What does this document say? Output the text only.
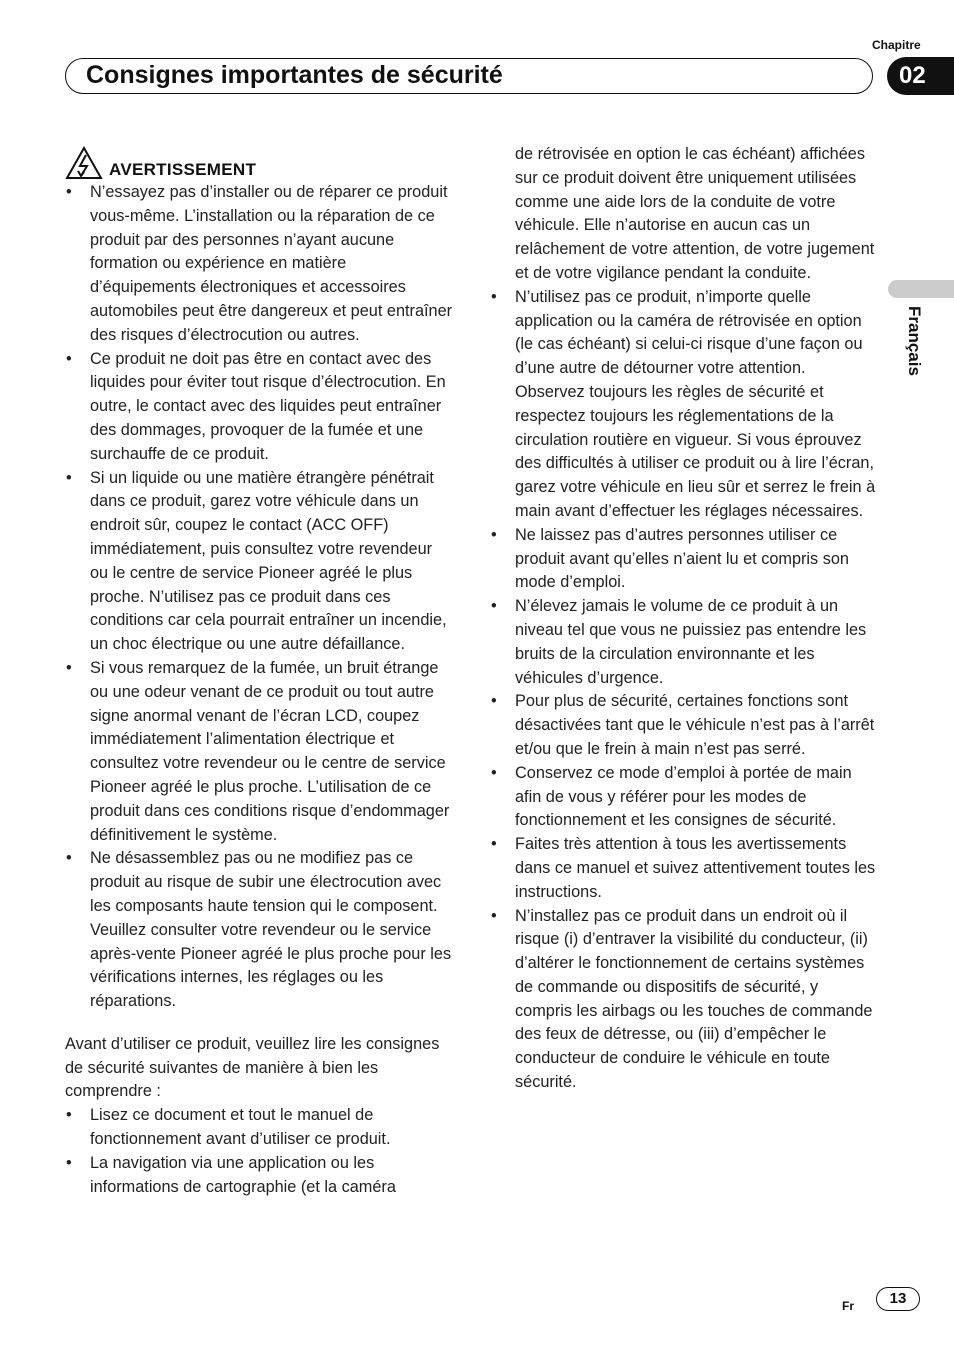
Chapitre
Consignes importantes de sécurité	02
Français
AVERTISSEMENT
• N’essayez pas d’installer ou de réparer ce produit vous-même. L’installation ou la réparation de ce produit par des personnes n’ayant aucune formation ou expérience en matière d’équipements électroniques et accessoires automobiles peut être dangereux et peut entraîner des risques d’électrocution ou autres.
• Ce produit ne doit pas être en contact avec des liquides pour éviter tout risque d’électrocution. En outre, le contact avec des liquides peut entraîner des dommages, provoquer de la fumée et une surchauffe de ce produit.
• Si un liquide ou une matière étrangère pénétrait dans ce produit, garez votre véhicule dans un endroit sûr, coupez le contact (ACC OFF) immédiatement, puis consultez votre revendeur ou le centre de service Pioneer agréé le plus proche. N’utilisez pas ce produit dans ces conditions car cela pourrait entraîner un incendie, un choc électrique ou une autre défaillance.
• Si vous remarquez de la fumée, un bruit étrange ou une odeur venant de ce produit ou tout autre signe anormal venant de l’écran LCD, coupez immédiatement l’alimentation électrique et consultez votre revendeur ou le centre de service Pioneer agréé le plus proche. L’utilisation de ce produit dans ces conditions risque d’endommager définitivement le système.
• Ne désassemblez pas ou ne modifiez pas ce produit au risque de subir une électrocution avec les composants haute tension qui le composent. Veuillez consulter votre revendeur ou le service après-vente Pioneer agréé le plus proche pour les vérifications internes, les réglages ou les réparations.

Avant d’utiliser ce produit, veuillez lire les consignes de sécurité suivantes de manière à bien les comprendre :

• Lisez ce document et tout le manuel de fonctionnement avant d’utiliser ce produit.
• La navigation via une application ou les informations de cartographie (et la caméra
de rétrovisée en option le cas échéant) affichées sur ce produit doivent être uniquement utilisées comme une aide lors de la conduite de votre véhicule. Elle n’autorise en aucun cas un relâchement de votre attention, de votre jugement et de votre vigilance pendant la conduite.
• N’utilisez pas ce produit, n’importe quelle application ou la caméra de rétrovisée en option (le cas échéant) si celui-ci risque d’une façon ou d’une autre de détourner votre attention. Observez toujours les règles de sécurité et respectez toujours les réglementations de la circulation routière en vigueur. Si vous éprouvez des difficultés à utiliser ce produit ou à lire l’écran, garez votre véhicule en lieu sûr et serrez le frein à main avant d’effectuer les réglages nécessaires.
• Ne laissez pas d’autres personnes utiliser ce produit avant qu’elles n’aient lu et compris son mode d’emploi.
• N’élevez jamais le volume de ce produit à un niveau tel que vous ne puissiez pas entendre les bruits de la circulation environnante et les véhicules d’urgence.
• Pour plus de sécurité, certaines fonctions sont désactivées tant que le véhicule n’est pas à l’arrêt et/ou que le frein à main n’est pas serré.
• Conservez ce mode d’emploi à portée de main afin de vous y référer pour les modes de fonctionnement et les consignes de sécurité.
• Faites très attention à tous les avertissements dans ce manuel et suivez attentivement toutes les instructions.
• N’installez pas ce produit dans un endroit où il risque (i) d’entraver la visibilité du conducteur, (ii) d’altérer le fonctionnement de certains systèmes de commande ou dispositifs de sécurité, y compris les airbags ou les touches de commande des feux de détresse, ou (iii) d’empêcher le conducteur de conduire le véhicule en toute sécurité.
Fr	13
